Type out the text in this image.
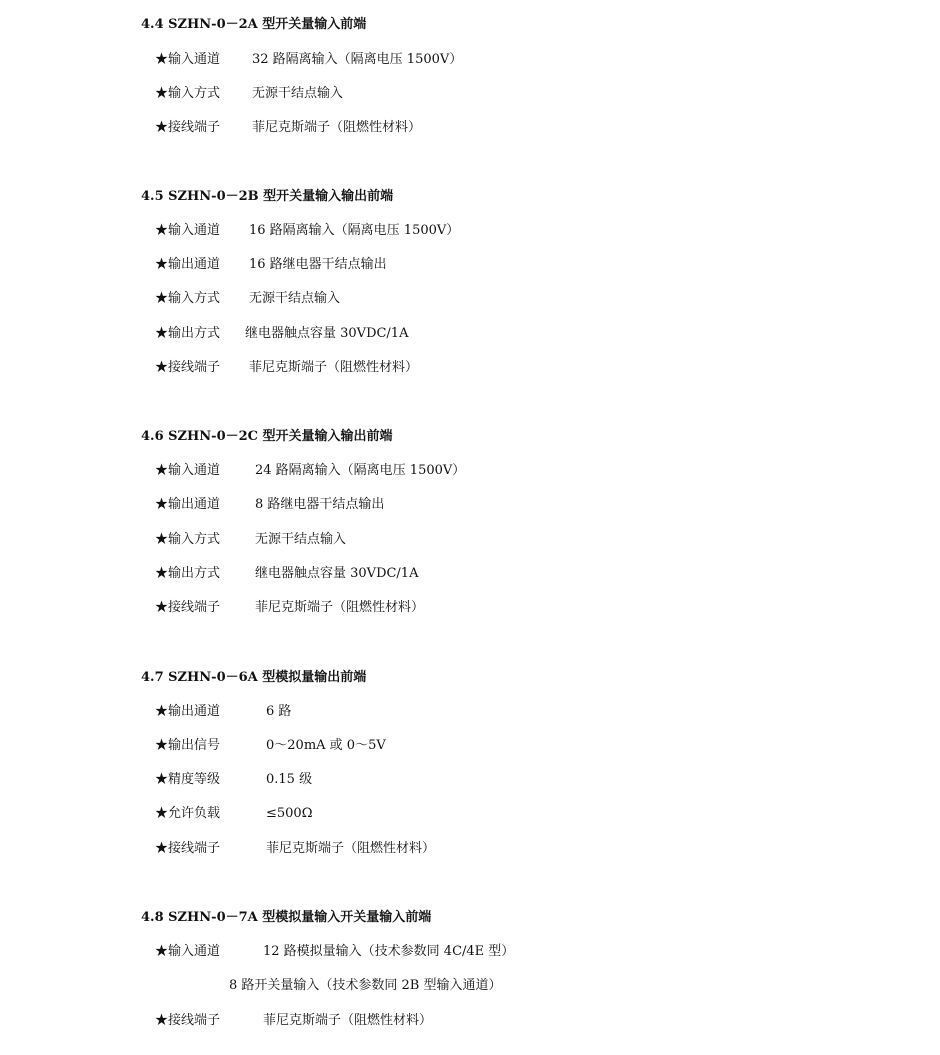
4.4 SZHN-0－2A 型开关量输入前端
★输入通道 32 路隔离输入（隔离电压 1500V）
★输入方式 无源干结点输入
★接线端子 菲尼克斯端子（阻燃性材料）
4.5 SZHN-0－2B 型开关量输入输出前端
★输入通道 16 路隔离输入（隔离电压 1500V）
★输出通道 16 路继电器干结点输出
★输入方式 无源干结点输入
★输出方式 继电器触点容量 30VDC/1A
★接线端子 菲尼克斯端子（阻燃性材料）
4.6 SZHN-0－2C 型开关量输入输出前端
★输入通道	24 路隔离输入（隔离电压 1500V）
★输出通道	8 路继电器干结点输出
★输入方式	无源干结点输入
★输出方式	继电器触点容量 30VDC/1A
★接线端子	菲尼克斯端子（阻燃性材料）
4.7 SZHN-0－6A 型模拟量输出前端
★输出通道	6 路
★输出信号	0～20mA 或 0～5V
★精度等级	0.15 级
★允许负载	≤500Ω
★接线端子	菲尼克斯端子（阻燃性材料）
4.8 SZHN-0－7A 型模拟量输入开关量输入前端
★输入通道	12 路模拟量输入（技术参数同 4C/4E 型）
8 路开关量输入（技术参数同 2B 型输入通道）
★接线端子	菲尼克斯端子（阻燃性材料）
